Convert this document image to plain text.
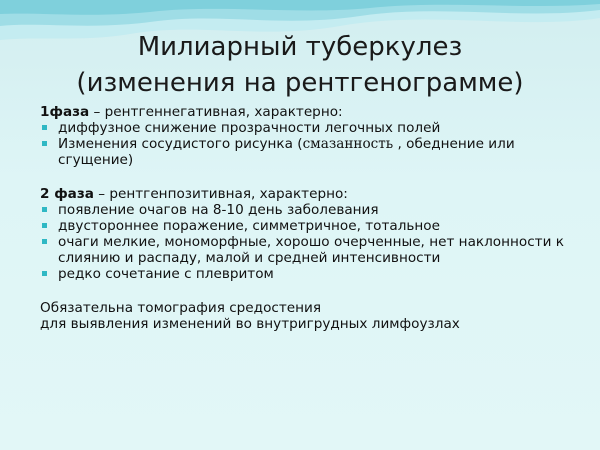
Милиарный туберкулез
(изменения на рентгенограмме)

1фаза – рентгеннегативная, характерно:

диффузное снижение прозрачности легочных полей
Изменения сосудистого рисунка (смазанность , обеднение или сгущение)

2 фаза – рентгенпозитивная, характерно:

появление очагов на 8-10 день заболевания
двустороннее поражение, симметричное, тотальное
очаги мелкие, мономорфные, хорошо очерченные, нет наклонности к слиянию и распаду, малой и средней интенсивности
редко сочетание с плевритом

Обязательна томография средостения

для выявления изменений во внутригрудных лимфоузлах
